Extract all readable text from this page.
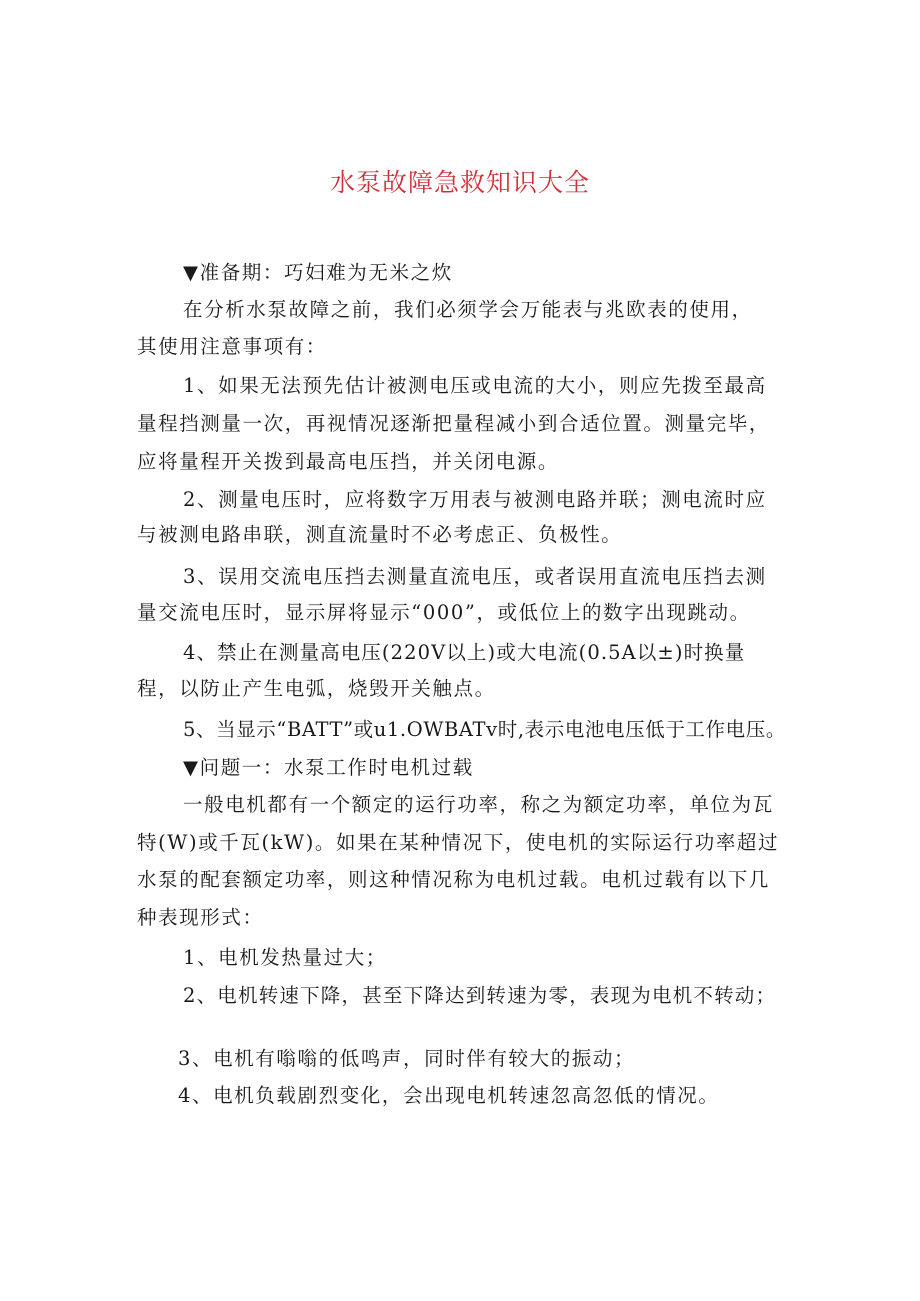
水泵故障急救知识大全
▼准备期：巧妇难为无米之炊
在分析水泵故障之前，我们必须学会万能表与兆欧表的使用，
其使用注意事项有：
1、如果无法预先估计被测电压或电流的大小，则应先拨至最高
量程挡测量一次，再视情况逐渐把量程减小到合适位置。测量完毕，
应将量程开关拨到最高电压挡，并关闭电源。
2、测量电压时，应将数字万用表与被测电路并联；测电流时应
与被测电路串联，测直流量时不必考虑正、负极性。
3、误用交流电压挡去测量直流电压，或者误用直流电压挡去测
量交流电压时，显示屏将显示“000”，或低位上的数字出现跳动。
4、禁止在测量高电压(220V以上)或大电流(0.5A以±)时换量
程，以防止产生电弧，烧毁开关触点。
5、当显示“BATT”或u1.OWBATv时,表示电池电压低于工作电压。
▼问题一：水泵工作时电机过载
一般电机都有一个额定的运行功率，称之为额定功率，单位为瓦
特(W)或千瓦(kW)。如果在某种情况下，使电机的实际运行功率超过
水泵的配套额定功率，则这种情况称为电机过载。电机过载有以下几
种表现形式：
1、电机发热量过大；
2、电机转速下降，甚至下降达到转速为零，表现为电机不转动；
3、电机有嗡嗡的低鸣声，同时伴有较大的振动；
4、电机负载剧烈变化，会出现电机转速忽高忽低的情况。
